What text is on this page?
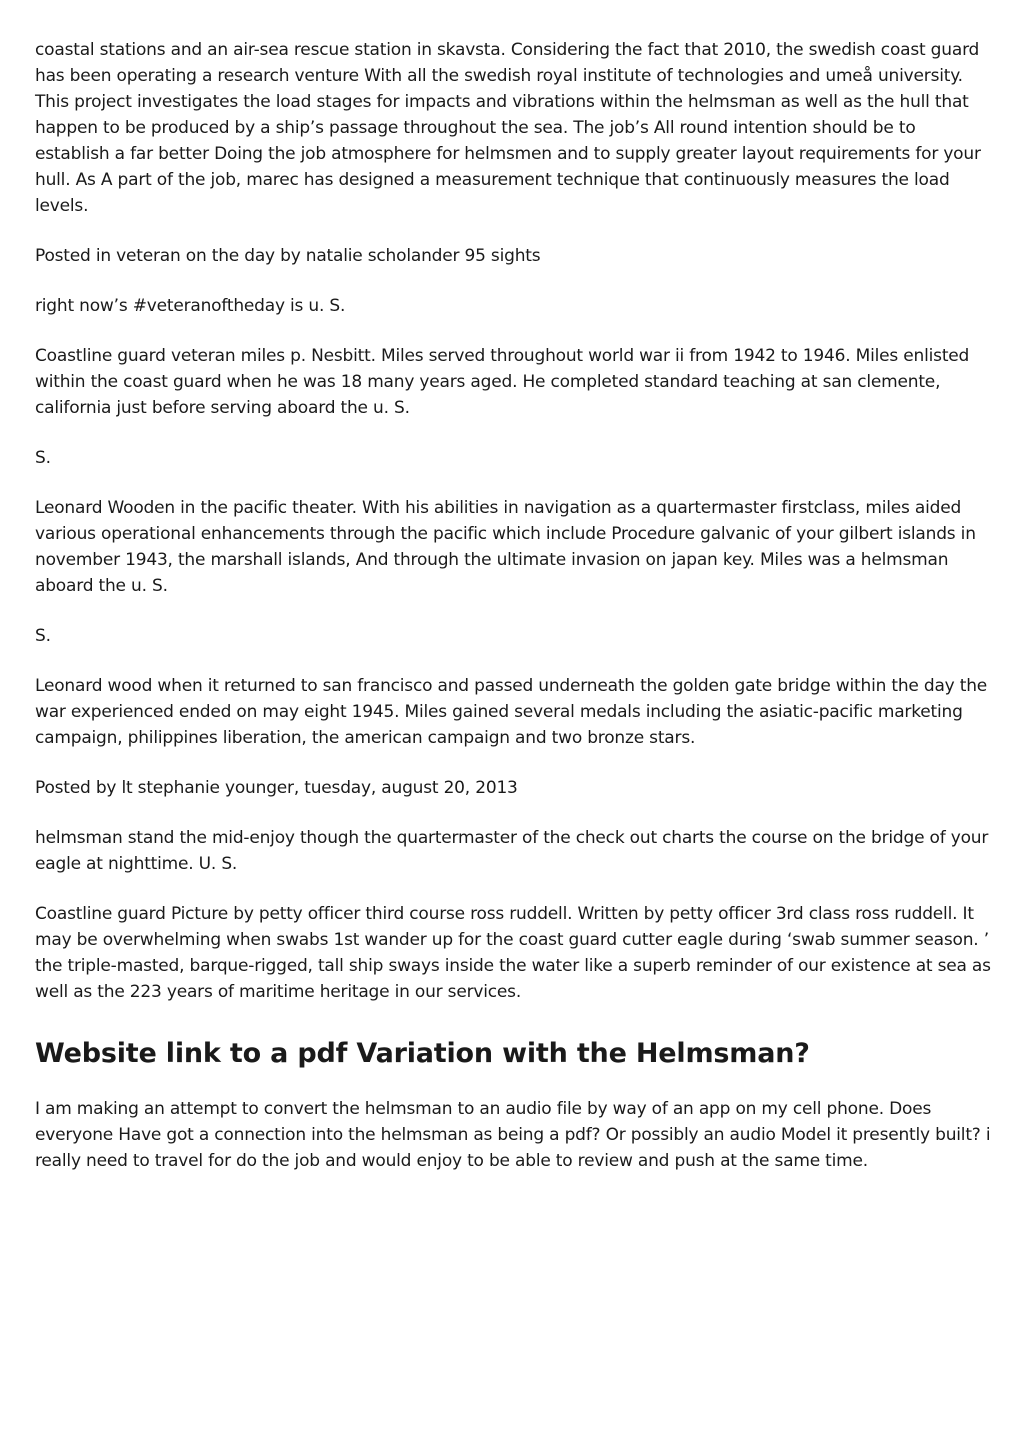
coastal stations and an air-sea rescue station in skavsta. Considering the fact that 2010, the swedish coast guard has been operating a research venture With all the swedish royal institute of technologies and umeå university. This project investigates the load stages for impacts and vibrations within the helmsman as well as the hull that happen to be produced by a ship’s passage throughout the sea. The job’s All round intention should be to establish a far better Doing the job atmosphere for helmsmen and to supply greater layout requirements for your hull. As A part of the job, marec has designed a measurement technique that continuously measures the load levels.

Posted in veteran on the day by natalie scholander 95 sights

right now’s #veteranoftheday is u. S.

Coastline guard veteran miles p. Nesbitt. Miles served throughout world war ii from 1942 to 1946. Miles enlisted within the coast guard when he was 18 many years aged. He completed standard teaching at san clemente, california just before serving aboard the u. S.

S.

Leonard Wooden in the pacific theater. With his abilities in navigation as a quartermaster firstclass, miles aided various operational enhancements through the pacific which include Procedure galvanic of your gilbert islands in november 1943, the marshall islands, And through the ultimate invasion on japan key. Miles was a helmsman aboard the u. S.

S.

Leonard wood when it returned to san francisco and passed underneath the golden gate bridge within the day the war experienced ended on may eight 1945. Miles gained several medals including the asiatic-pacific marketing campaign, philippines liberation, the american campaign and two bronze stars.

Posted by lt stephanie younger, tuesday, august 20, 2013

helmsman stand the mid-enjoy though the quartermaster of the check out charts the course on the bridge of your eagle at nighttime. U. S.

Coastline guard Picture by petty officer third course ross ruddell. Written by petty officer 3rd class ross ruddell. It may be overwhelming when swabs 1st wander up for the coast guard cutter eagle during ‘swab summer season. ’ the triple-masted, barque-rigged, tall ship sways inside the water like a superb reminder of our existence at sea as well as the 223 years of maritime heritage in our services.

Website link to a pdf Variation with the Helmsman?

I am making an attempt to convert the helmsman to an audio file by way of an app on my cell phone. Does everyone Have got a connection into the helmsman as being a pdf? Or possibly an audio Model it presently built? i really need to travel for do the job and would enjoy to be able to review and push at the same time.
